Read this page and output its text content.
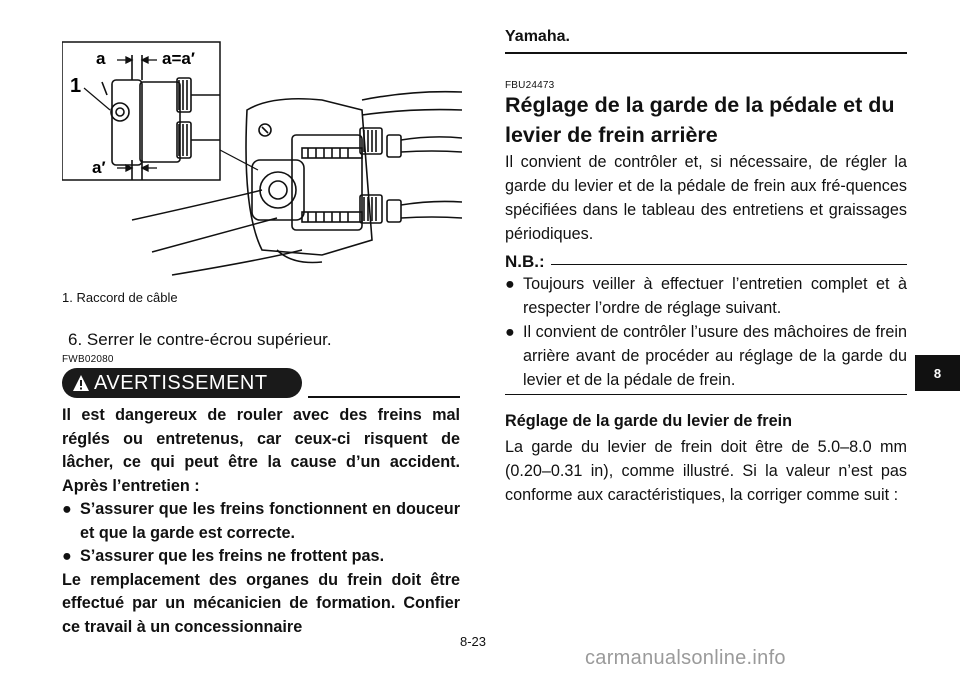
a	a=a′
1
a′
1. Raccord de câble
6. Serrer le contre-écrou supérieur.
FWB02080
AVERTISSEMENT

Il est dangereux de rouler avec des freins mal réglés ou entretenus, car ceux-ci risquent de lâcher, ce qui peut être la cause d’un accident. Après l’entretien :

● S’assurer que les freins fonctionnent en douceur et que la garde est correcte.
● S’assurer que les freins ne frottent pas.

Le remplacement des organes du frein doit être effectué par un mécanicien de formation. Confier ce travail à un concessionnaire

Yamaha.
FBU24473
Réglage de la garde de la pédale et du levier de frein arrière
Il convient de contrôler et, si nécessaire, de régler la garde du levier et de la pédale de frein aux fré-quences spécifiées dans le tableau des entretiens et graissages périodiques.
N.B.:
● Toujours veiller à effectuer l’entretien complet et à respecter l’ordre de réglage suivant.
● Il convient de contrôler l’usure des mâchoires de frein arrière avant de procéder au réglage de la garde du levier et de la pédale de frein.
Réglage de la garde du levier de frein
La garde du levier de frein doit être de 5.0–8.0 mm (0.20–0.31 in), comme illustré. Si la valeur n’est pas conforme aux caractéristiques, la corriger comme suit :
8
8-23
carmanualsonline.info
